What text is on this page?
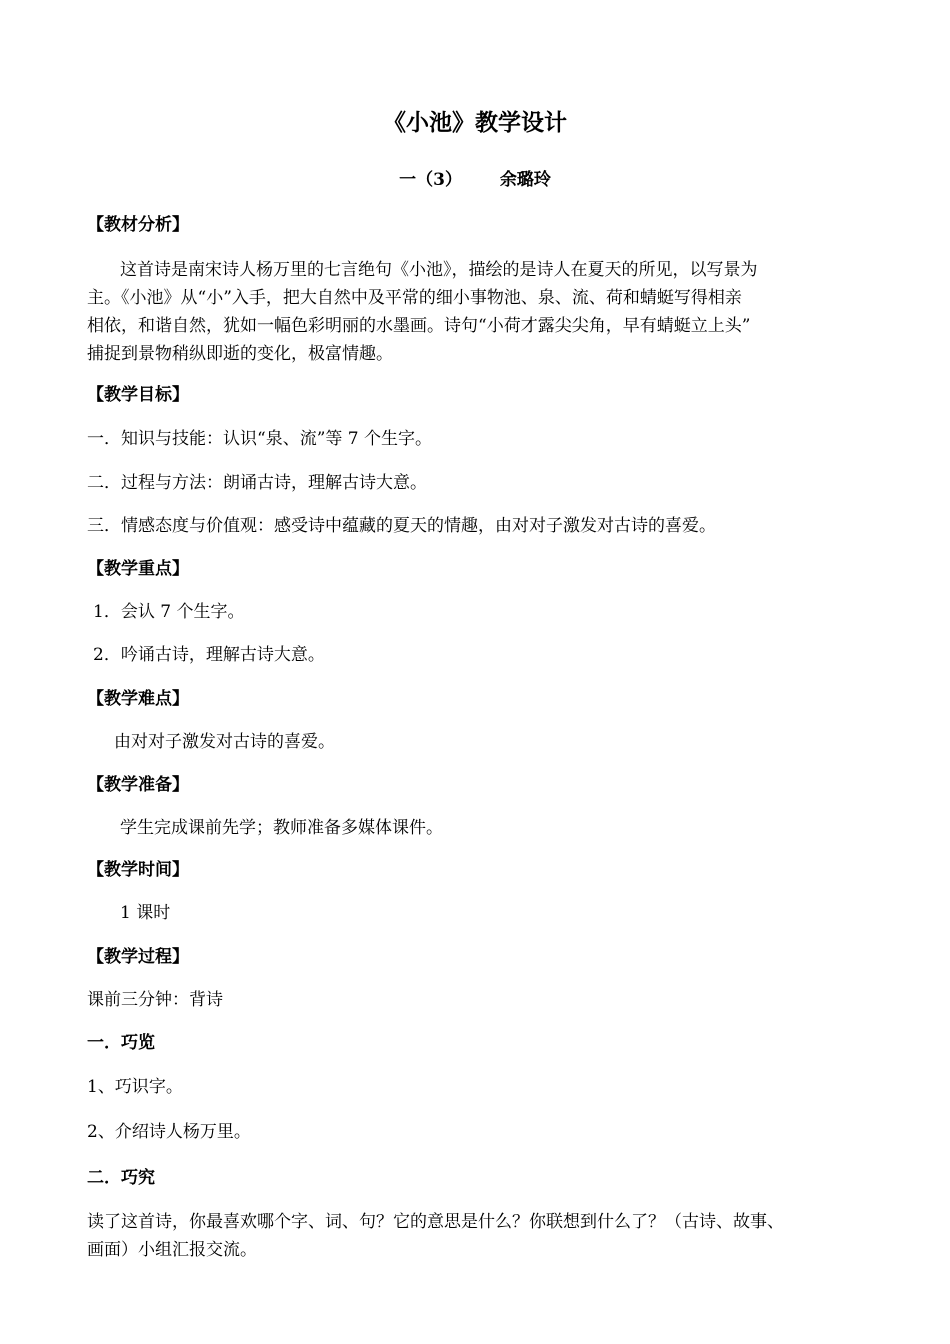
《小池》教学设计
一（3） 余璐玲
【教材分析】
这首诗是南宋诗人杨万里的七言绝句《小池》，描绘的是诗人在夏天的所见，以写景为
主。《小池》从“小”入手，把大自然中及平常的细小事物池、泉、流、荷和蜻蜓写得相亲
相依，和谐自然，犹如一幅色彩明丽的水墨画。诗句“小荷才露尖尖角，早有蜻蜓立上头”
捕捉到景物稍纵即逝的变化，极富情趣。
【教学目标】
一．知识与技能：认识“泉、流”等 7 个生字。
二．过程与方法：朗诵古诗，理解古诗大意。
三．情感态度与价值观：感受诗中蕴藏的夏天的情趣，由对对子激发对古诗的喜爱。
【教学重点】
1．会认 7 个生字。
2．吟诵古诗，理解古诗大意。
【教学难点】
由对对子激发对古诗的喜爱。
【教学准备】
学生完成课前先学；教师准备多媒体课件。
【教学时间】
1 课时
【教学过程】
课前三分钟：背诗
一．巧览
1、巧识字。
2、介绍诗人杨万里。
二．巧究
读了这首诗，你最喜欢哪个字、词、句？它的意思是什么？你联想到什么了？（古诗、故事、
画面）小组汇报交流。
